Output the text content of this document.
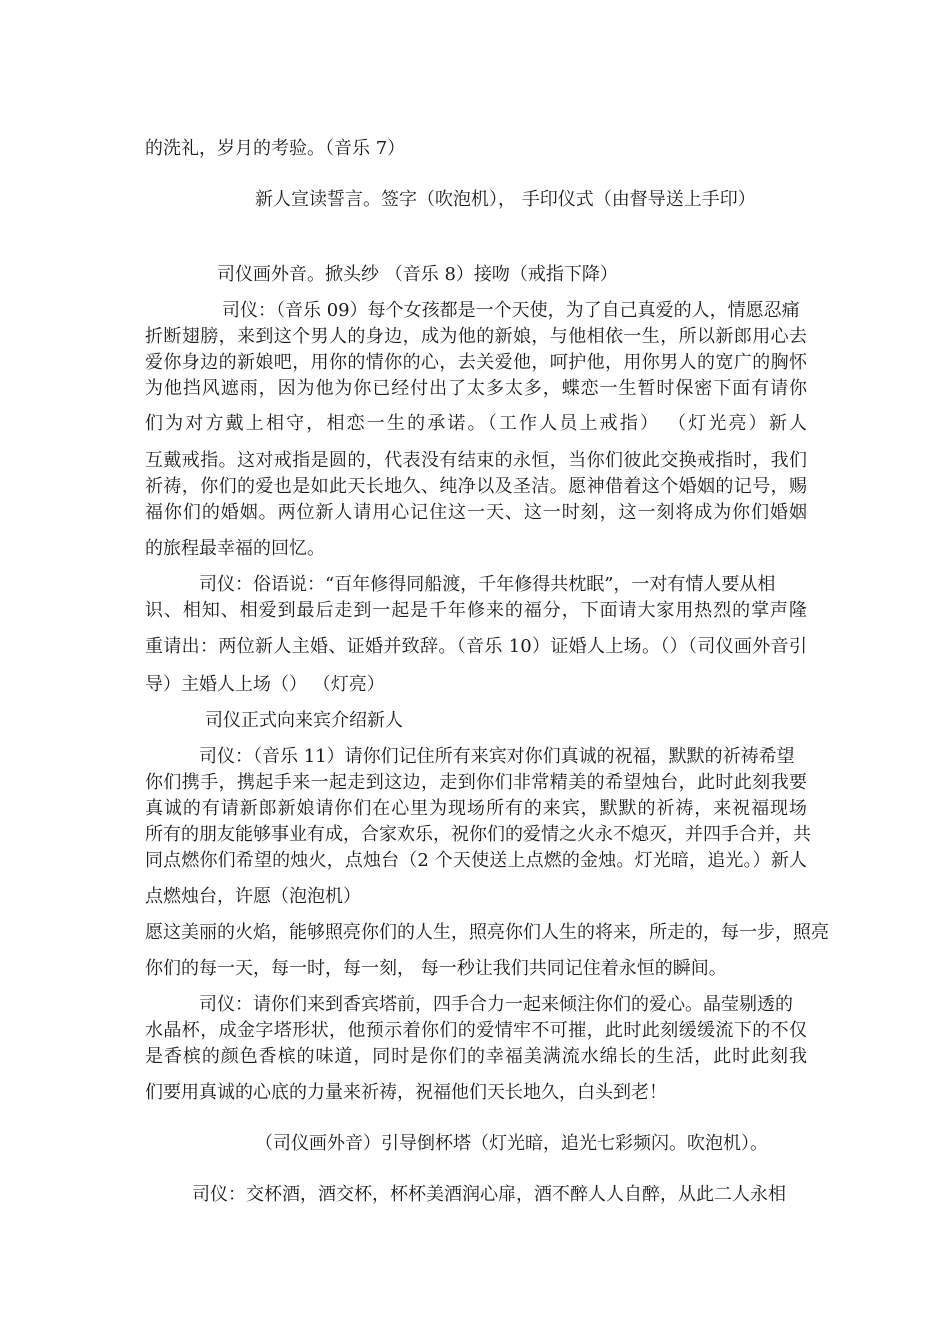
的洗礼，岁月的考验。（音乐 7）

新人宣读誓言。签字（吹泡机）， 手印仪式（由督导送上手印）

司仪画外音。掀头纱 （音乐 8）接吻（戒指下降）

司仪：（音乐 09）每个女孩都是一个天使，为了自己真爱的人，情愿忍痛

折断翅膀，来到这个男人的身边，成为他的新娘，与他相依一生，所以新郎用心去

爱你身边的新娘吧，用你的情你的心，去关爱他，呵护他，用你男人的宽广的胸怀

为他挡风遮雨，因为他为你已经付出了太多太多，蝶恋一生暂时保密下面有请你

们为对方戴上相守，相恋一生的承诺。（工作人员上戒指） （灯光亮）新人

互戴戒指。这对戒指是圆的，代表没有结束的永恒，当你们彼此交换戒指时，我们

祈祷，你们的爱也是如此天长地久、纯净以及圣洁。愿神借着这个婚姻的记号，赐

福你们的婚姻。两位新人请用心记住这一天、这一时刻，这一刻将成为你们婚姻

的旅程最幸福的回忆。

司仪：俗语说：“百年修得同船渡，千年修得共枕眠”，一对有情人要从相

识、相知、相爱到最后走到一起是千年修来的福分，下面请大家用热烈的掌声隆

重请出：两位新人主婚、证婚并致辞。（音乐 10）证婚人上场。（）（司仪画外音引

导）主婚人上场（） （灯亮）

司仪正式向来宾介绍新人

司仪：（音乐 11）请你们记住所有来宾对你们真诚的祝福，默默的祈祷希望

你们携手，携起手来一起走到这边，走到你们非常精美的希望烛台，此时此刻我要

真诚的有请新郎新娘请你们在心里为现场所有的来宾，默默的祈祷，来祝福现场

所有的朋友能够事业有成，合家欢乐，祝你们的爱情之火永不熄灭，并四手合并，共

同点燃你们希望的烛火，点烛台（2 个天使送上点燃的金烛。灯光暗，追光。）新人

点燃烛台，许愿（泡泡机）

愿这美丽的火焰，能够照亮你们的人生，照亮你们人生的将来，所走的，每一步，照亮

你们的每一天，每一时，每一刻， 每一秒让我们共同记住着永恒的瞬间。

司仪：请你们来到香宾塔前，四手合力一起来倾注你们的爱心。晶莹剔透的

水晶杯，成金字塔形状，他预示着你们的爱情牢不可摧，此时此刻缓缓流下的不仅

是香槟的颜色香槟的味道，同时是你们的幸福美满流水绵长的生活，此时此刻我

们要用真诚的心底的力量来祈祷，祝福他们天长地久，白头到老！

（司仪画外音）引导倒杯塔（灯光暗，追光七彩频闪。吹泡机）。

司仪：交杯酒，酒交杯，杯杯美酒润心扉，酒不醉人人自醉，从此二人永相
